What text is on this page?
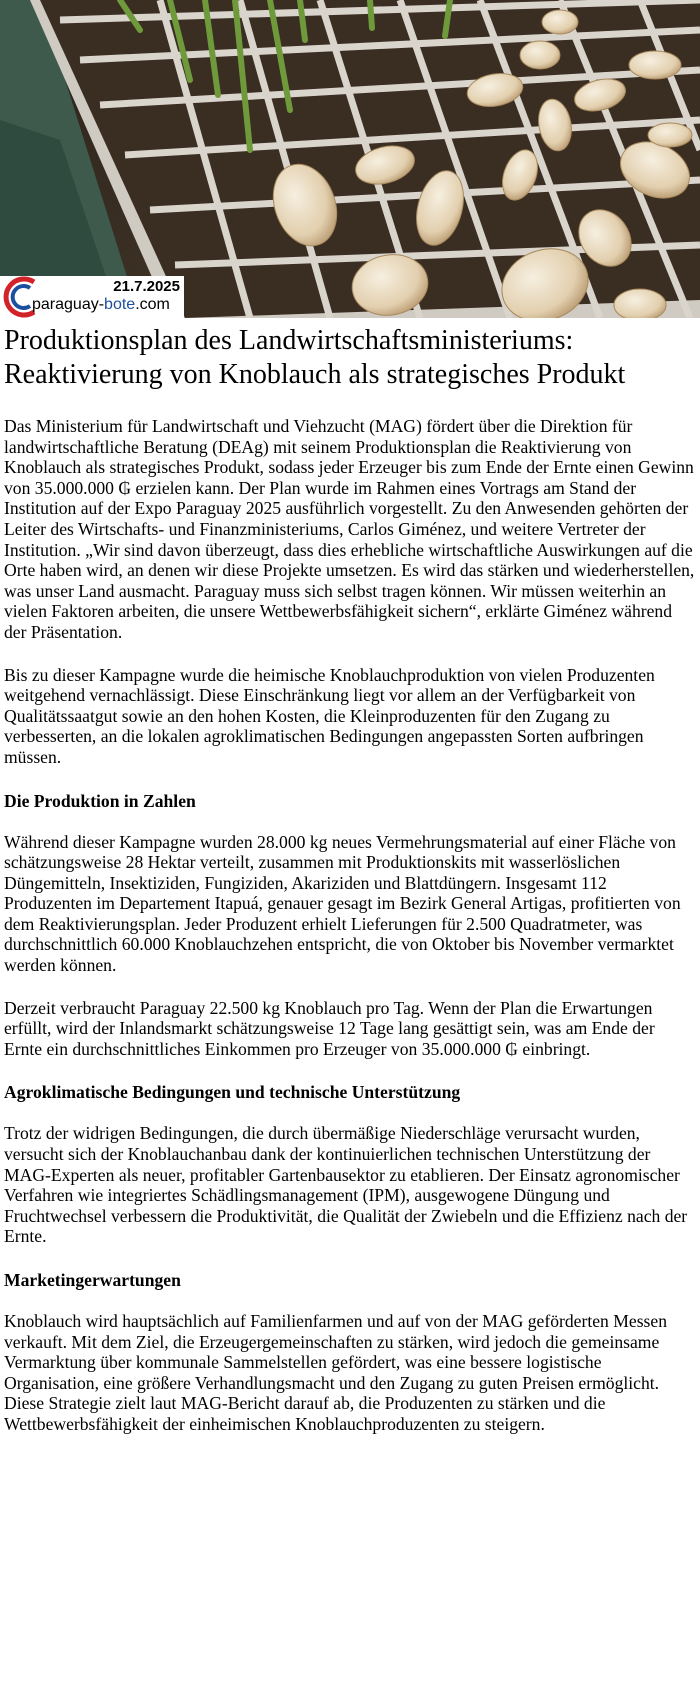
21.7.2025
paraguay-bote.com
Produktionsplan des Landwirtschaftsministeriums:
Reaktivierung von Knoblauch als strategisches Produkt

Das Ministerium für Landwirtschaft und Viehzucht (MAG) fördert über die Direktion für landwirtschaftliche Beratung (DEAg) mit seinem Produktionsplan die Reaktivierung von Knoblauch als strategisches Produkt, sodass jeder Erzeuger bis zum Ende der Ernte einen Gewinn von 35.000.000 ₲ erzielen kann. Der Plan wurde im Rahmen eines Vortrags am Stand der Institution auf der Expo Paraguay 2025 ausführlich vorgestellt. Zu den Anwesenden gehörten der Leiter des Wirtschafts- und Finanzministeriums, Carlos Giménez, und weitere Vertreter der Institution. „Wir sind davon überzeugt, dass dies erhebliche wirtschaftliche Auswirkungen auf die Orte haben wird, an denen wir diese Projekte umsetzen. Es wird das stärken und wiederherstellen, was unser Land ausmacht. Paraguay muss sich selbst tragen können. Wir müssen weiterhin an vielen Faktoren arbeiten, die unsere Wettbewerbsfähigkeit sichern“, erklärte Giménez während der Präsentation.

Bis zu dieser Kampagne wurde die heimische Knoblauchproduktion von vielen Produzenten weitgehend vernachlässigt. Diese Einschränkung liegt vor allem an der Verfügbarkeit von Qualitätssaatgut sowie an den hohen Kosten, die Kleinproduzenten für den Zugang zu verbesserten, an die lokalen agroklimatischen Bedingungen angepassten Sorten aufbringen müssen.

Die Produktion in Zahlen

Während dieser Kampagne wurden 28.000 kg neues Vermehrungsmaterial auf einer Fläche von schätzungsweise 28 Hektar verteilt, zusammen mit Produktionskits mit wasserlöslichen Düngemitteln, Insektiziden, Fungiziden, Akariziden und Blattdüngern. Insgesamt 112 Produzenten im Departement Itapuá, genauer gesagt im Bezirk General Artigas, profitierten von dem Reaktivierungsplan. Jeder Produzent erhielt Lieferungen für 2.500 Quadratmeter, was durchschnittlich 60.000 Knoblauchzehen entspricht, die von Oktober bis November vermarktet werden können.

Derzeit verbraucht Paraguay 22.500 kg Knoblauch pro Tag. Wenn der Plan die Erwartungen erfüllt, wird der Inlandsmarkt schätzungsweise 12 Tage lang gesättigt sein, was am Ende der Ernte ein durchschnittliches Einkommen pro Erzeuger von 35.000.000 ₲ einbringt.

Agroklimatische Bedingungen und technische Unterstützung

Trotz der widrigen Bedingungen, die durch übermäßige Niederschläge verursacht wurden, versucht sich der Knoblauchanbau dank der kontinuierlichen technischen Unterstützung der MAG-Experten als neuer, profitabler Gartenbausektor zu etablieren. Der Einsatz agronomischer Verfahren wie integriertes Schädlingsmanagement (IPM), ausgewogene Düngung und Fruchtwechsel verbessern die Produktivität, die Qualität der Zwiebeln und die Effizienz nach der Ernte.

Marketingerwartungen

Knoblauch wird hauptsächlich auf Familienfarmen und auf von der MAG geförderten Messen verkauft. Mit dem Ziel, die Erzeugergemeinschaften zu stärken, wird jedoch die gemeinsame Vermarktung über kommunale Sammelstellen gefördert, was eine bessere logistische Organisation, eine größere Verhandlungsmacht und den Zugang zu guten Preisen ermöglicht. Diese Strategie zielt laut MAG-Bericht darauf ab, die Produzenten zu stärken und die Wettbewerbsfähigkeit der einheimischen Knoblauchproduzenten zu steigern.
